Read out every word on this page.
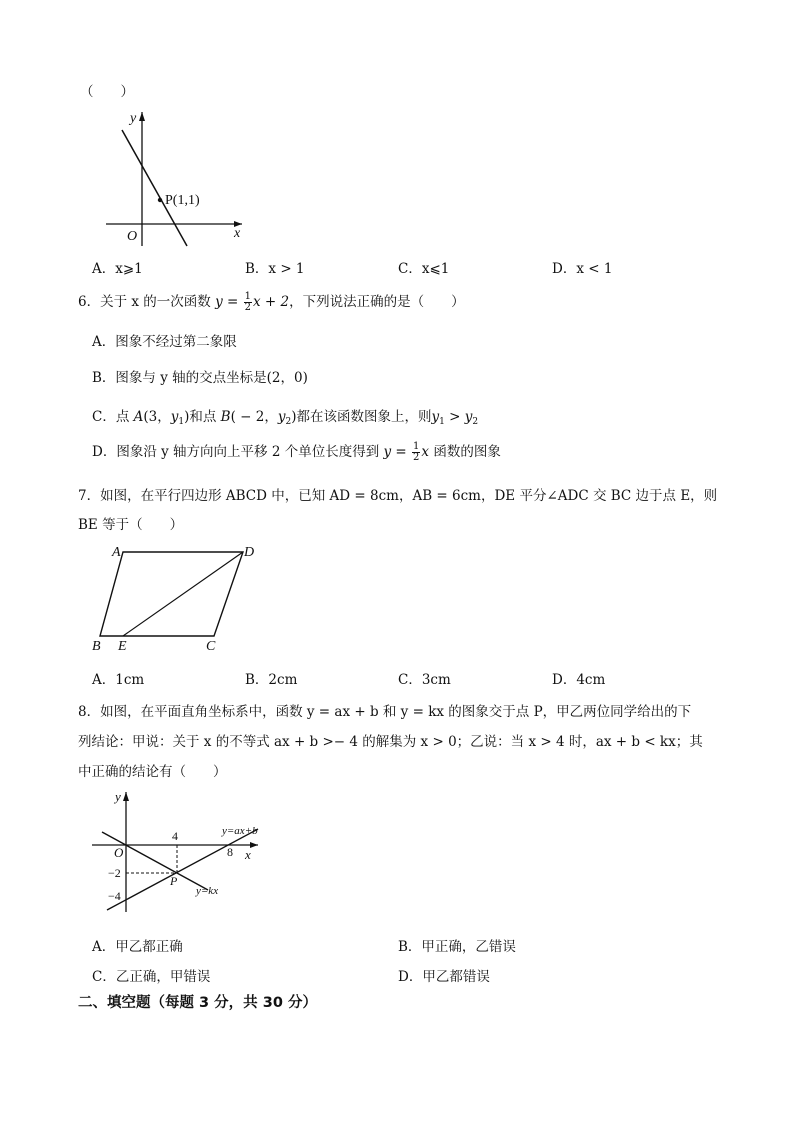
（　　）
y
x
O
P(1,1)
A．x⩾1	B．x > 1	C．x⩽1	D．x < 1
6．关于 x 的一次函数 $y = \frac{1}{2}$ x + 2，下列说法正确的是（　　）
A．图象不经过第二象限
B．图象与 y 轴的交点坐标是(2，0)
C．点 A(3，$y_1$)和点 B( − 2，$y_2$)都在该函数图象上，则$y_1 > y_2$
D．图象沿 y 轴方向向上平移 2 个单位长度得到 $y = \frac{1}{2}$ x 函数的图象
7．如图，在平行四边形 ABCD 中，已知 AD = 8cm，AB = 6cm，DE 平分∠ADC 交 BC 边于点 E，则
BE 等于（　　）
A	D
B E	C
A．1cm	B．2cm	C．3cm	D．4cm
8．如图，在平面直角坐标系中，函数 y = ax + b 和 y = kx 的图象交于点 P，甲乙两位同学给出的下
列结论：甲说：关于 x 的不等式 ax + b >− 4 的解集为 x > 0；乙说：当 x > 4 时，ax + b < kx；其
中正确的结论有（　　）
y
x
O
4
8
−2
−4
P
y=ax+b
y=kx
A．甲乙都正确	B．甲正确，乙错误
C．乙正确，甲错误	D．甲乙都错误
二、填空题（每题 3 分，共 30 分）
